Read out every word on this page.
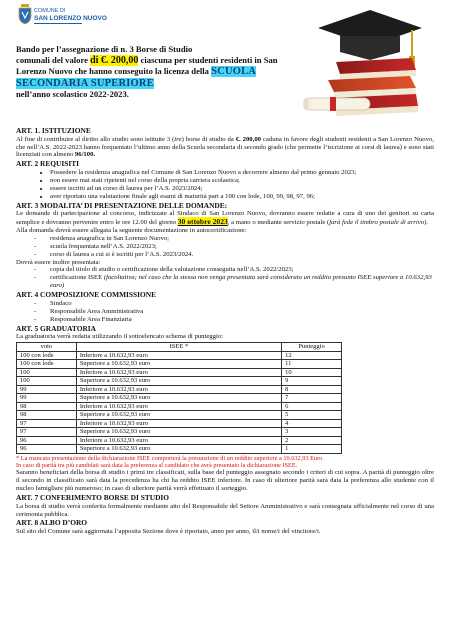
COMUNE DI
SAN LORENZO NUOVO
Bando per l’assegnazione di n. 3 Borse di Studio
comunali del valore di €. 200,00 ciascuna per studenti residenti in San Lorenzo Nuovo che hanno conseguito la licenza della SCUOLA SECONDARIA SUPERIORE
nell’anno scolastico 2022-2023.
ART. 1. ISTITUZIONE

Al fine di contribuire al diritto allo studio sono istituite 3 (tre) borse di studio da €. 200,00 caduna in favore degli studenti residenti a San Lorenzo Nuovo, che nell’A.S. 2022-2023 hanno frequentato l’ultimo anno della Scuola secondaria di secondo grado (che permette l’iscrizione ai corsi di laurea) e sono stati licenziati con almeno 96/100.

ART. 2 REQUISITI
• Possedere la residenza anagrafica nel Comune di San Lorenzo Nuovo a decorrere almeno dal primo gennaio 2023;
• non essere mai stati ripetenti nel corso della propria carriera scolastica;
• essere iscritti ad un corso di laurea per l’A.S. 2023/2024;
• aver riportato una valutazione finale agli esami di maturità pari a 100 con lode, 100, 99, 98, 97, 96;
ART. 3 MODALITA’ DI PRESENTAZIONE DELLE DOMANDE:

Le domande di partecipazione al concorso, indirizzate al Sindaco di San Lorenzo Nuovo, dovranno essere redatte a cura di uno dei genitori su carta semplice e dovranno pervenire entro le ore 12.00 del giorno 30 ottobre 2023, a mano o mediante servizio postale (farà fede il timbro postale di arrivo).

Alla domanda dovrà essere allegata la seguente documentazione in autocertificazione:

- residenza anagrafica in San Lorenzo Nuovo;
- scuola frequentata nell’A.S. 2022/2023;
- corso di laurea a cui si è iscritti per l’A.S. 2023/2024.

Dovrà essere inoltre presentata:

- copia del titolo di studio o certificazione della valutazione conseguita nell’A.S. 2022/2023;
- certificazione ISEE (facoltativa; nel caso che la stessa non venga presentata sarà considerato un reddito presunto ISEE superiore a 10.632,93 euro)
ART. 4 COMPOSIZIONE COMMISSIONE
- Sindaco
- Responsabile Area Amministrativa
- Responsabile Area Finanziaria
ART. 5 GRADUATORIA

La graduatoria verrà redatta utilizzando il sottoelencato schema di punteggio:

voto	ISEE *	Punteggio
100 con lode	Inferiore a 10.632,93 euro	12
100 con lode	Superiore a 10.632,93 euro	11
100	Inferiore a 10.632,93 euro	10
100	Superiore a 10.632,93 euro	9
99	Inferiore a 10.632,93 euro	8
99	Superiore a 10.632,93 euro	7
98	Inferiore a 10.632,93 euro	6
98	Superiore a 10.632,93 euro	5
97	Inferiore a 10.632,93 euro	4
97	Superiore a 10.632,93 euro	3
96	Inferiore a 10.632,93 euro	2
96	Superiore a 10.632,93 euro	1

* La mancata presentazione della dichiarazione ISEE comporterà la presunzione di un reddito superiore a 10.632,93 Euro.

In caso di parità tra più candidati sarà data la preferenza al candidato che avrà presentato la dichiarazione ISEE.

Saranno beneficiari della borsa di studio i primi tre classificati, sulla base del punteggio assegnato secondo i criteri di cui sopra. A parità di punteggio oltre il secondo in classificato sarà data la precedenza ha chi ha reddito ISEE inferiore. In caso di ulteriore parità sarà data la preferenza allo studente con il nucleo famigliare più numeroso; in caso di ulteriore parità verrà effettuato il sorteggio.

ART. 7 CONFERIMENTO BORSE DI STUDIO

La borsa di studio verrà conferita formalmente mediante atto del Responsabile del Settore Amministrativo e sarà consegnata ufficialmente nel corso di una cerimonia pubblica.

ART. 8 ALBO D’ORO

Sul sito del Comune sarà aggiornata l’apposita Sezione dove è riportato, anno per anno, il/i nome/i del vincitore/i.
